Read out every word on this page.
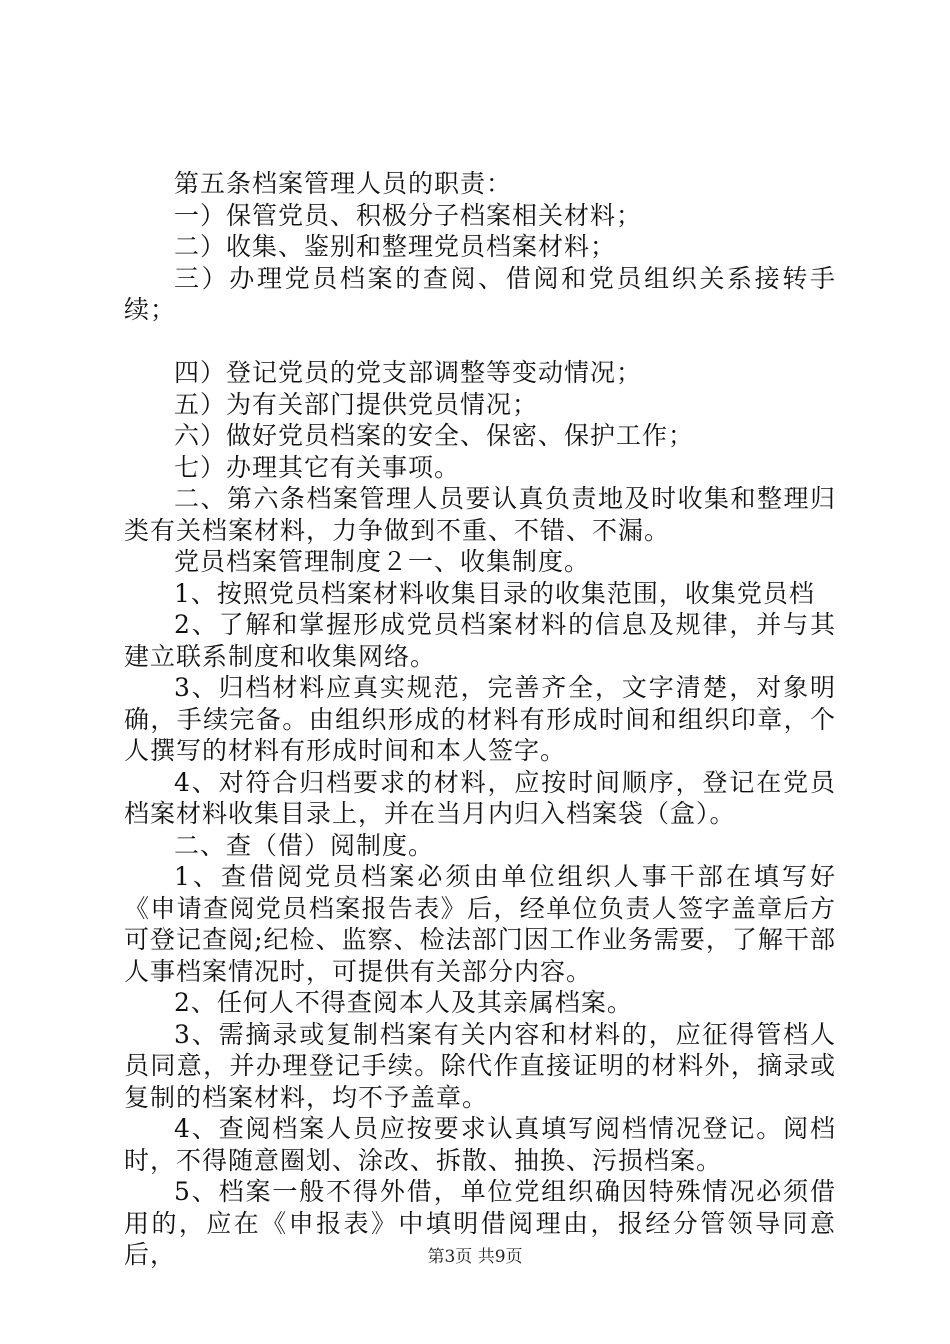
第五条档案管理人员的职责：

一）保管党员、积极分子档案相关材料；

二）收集、鉴别和整理党员档案材料；

三）办理党员档案的查阅、借阅和党员组织关系接转手续；

四）登记党员的党支部调整等变动情况；

五）为有关部门提供党员情况；

六）做好党员档案的安全、保密、保护工作；

七）办理其它有关事项。

二、第六条档案管理人员要认真负责地及时收集和整理归类有关档案材料，力争做到不重、不错、不漏。

党员档案管理制度２一、收集制度。

1、按照党员档案材料收集目录的收集范围，收集党员档

2、了解和掌握形成党员档案材料的信息及规律，并与其建立联系制度和收集网络。

3、归档材料应真实规范，完善齐全，文字清楚，对象明确，手续完备。由组织形成的材料有形成时间和组织印章，个人撰写的材料有形成时间和本人签字。

4、对符合归档要求的材料，应按时间顺序，登记在党员档案材料收集目录上，并在当月内归入档案袋（盒）。

二、查（借）阅制度。

1、查借阅党员档案必须由单位组织人事干部在填写好《申请查阅党员档案报告表》后，经单位负责人签字盖章后方可登记查阅;纪检、监察、检法部门因工作业务需要，了解干部人事档案情况时，可提供有关部分内容。

2、任何人不得查阅本人及其亲属档案。

3、需摘录或复制档案有关内容和材料的，应征得管档人员同意，并办理登记手续。除代作直接证明的材料外，摘录或复制的档案材料，均不予盖章。

4、查阅档案人员应按要求认真填写阅档情况登记。阅档时，不得随意圈划、涂改、拆散、抽换、污损档案。

5、档案一般不得外借，单位党组织确因特殊情况必须借用的，应在《申报表》中填明借阅理由，报经分管领导同意后，	第3页 共9页
